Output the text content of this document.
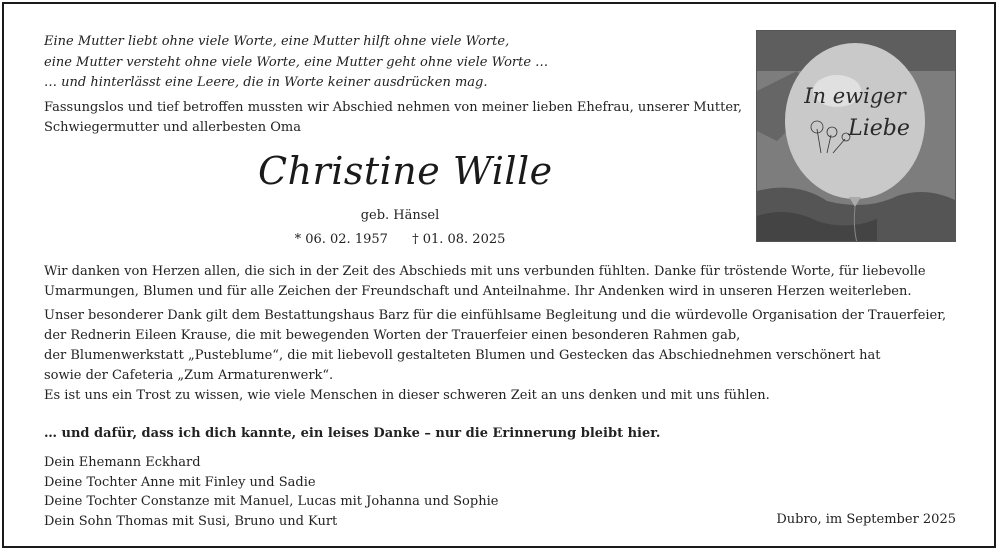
Eine Mutter liebt ohne viele Worte, eine Mutter hilft ohne viele Worte,
eine Mutter versteht ohne viele Worte, eine Mutter geht ohne viele Worte …
… und hinterlässt eine Leere, die in Worte keiner ausdrücken mag.
Fassungslos und tief betroffen mussten wir Abschied nehmen von meiner lieben Ehefrau, unserer Mutter,
Schwiegermutter und allerbesten Oma
Christine Wille
geb. Hänsel
* 06. 02. 1957 † 01. 08. 2025
In ewiger
Liebe
Wir danken von Herzen allen, die sich in der Zeit des Abschieds mit uns verbunden fühlten. Danke für tröstende Worte, für liebevolle
Umarmungen, Blumen und für alle Zeichen der Freundschaft und Anteilnahme. Ihr Andenken wird in unseren Herzen weiterleben.
Unser besonderer Dank gilt dem Bestattungshaus Barz für die einfühlsame Begleitung und die würdevolle Organisation der Trauerfeier,
der Rednerin Eileen Krause, die mit bewegenden Worten der Trauerfeier einen besonderen Rahmen gab,
der Blumenwerkstatt „Pusteblume“, die mit liebevoll gestalteten Blumen und Gestecken das Abschiednehmen verschönert hat
sowie der Cafeteria „Zum Armaturenwerk“.
Es ist uns ein Trost zu wissen, wie viele Menschen in dieser schweren Zeit an uns denken und mit uns fühlen.
… und dafür, dass ich dich kannte, ein leises Danke – nur die Erinnerung bleibt hier.
Dein Ehemann Eckhard
Deine Tochter Anne mit Finley und Sadie
Deine Tochter Constanze mit Manuel, Lucas mit Johanna und Sophie
Dein Sohn Thomas mit Susi, Bruno und Kurt	Dubro, im September 2025
